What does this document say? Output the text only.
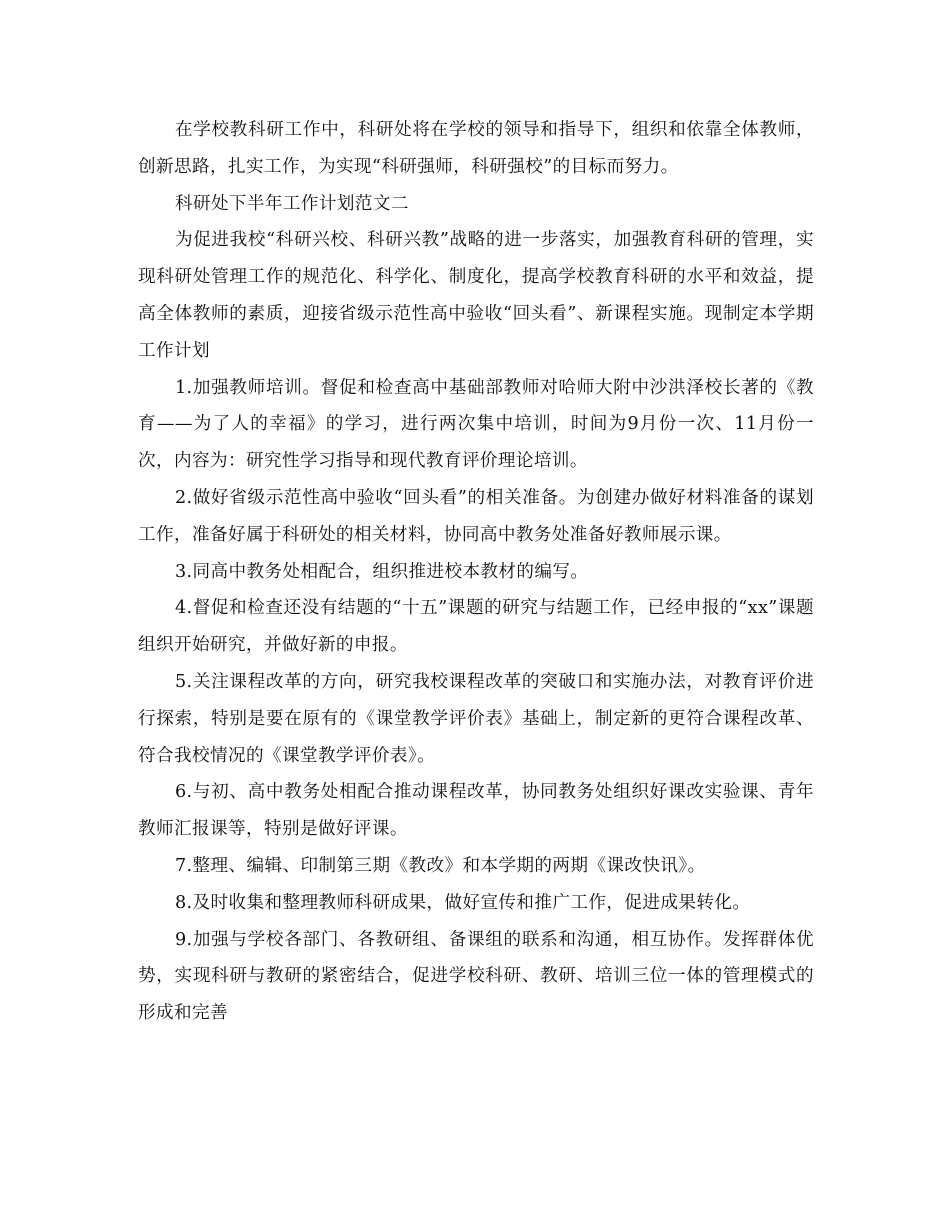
在学校教科研工作中，科研处将在学校的领导和指导下，组织和依靠全体教师，创新思路，扎实工作，为实现“科研强师，科研强校”的目标而努力。

科研处下半年工作计划范文二

为促进我校“科研兴校、科研兴教”战略的进一步落实，加强教育科研的管理，实现科研处管理工作的规范化、科学化、制度化，提高学校教育科研的水平和效益，提高全体教师的素质，迎接省级示范性高中验收“回头看”、新课程实施。现制定本学期工作计划

1.加强教师培训。督促和检查高中基础部教师对哈师大附中沙洪泽校长著的《教育——为了人的幸福》的学习，进行两次集中培训，时间为9月份一次、11月份一次，内容为：研究性学习指导和现代教育评价理论培训。

2.做好省级示范性高中验收“回头看”的相关准备。为创建办做好材料准备的谋划工作，准备好属于科研处的相关材料，协同高中教务处准备好教师展示课。

3.同高中教务处相配合，组织推进校本教材的编写。

4.督促和检查还没有结题的“十五”课题的研究与结题工作，已经申报的“xx”课题组织开始研究，并做好新的申报。

5.关注课程改革的方向，研究我校课程改革的突破口和实施办法，对教育评价进行探索，特别是要在原有的《课堂教学评价表》基础上，制定新的更符合课程改革、符合我校情况的《课堂教学评价表》。

6.与初、高中教务处相配合推动课程改革，协同教务处组织好课改实验课、青年教师汇报课等，特别是做好评课。

7.整理、编辑、印制第三期《教改》和本学期的两期《课改快讯》。

8.及时收集和整理教师科研成果，做好宣传和推广工作，促进成果转化。

9.加强与学校各部门、各教研组、备课组的联系和沟通，相互协作。发挥群体优势，实现科研与教研的紧密结合，促进学校科研、教研、培训三位一体的管理模式的形成和完善
